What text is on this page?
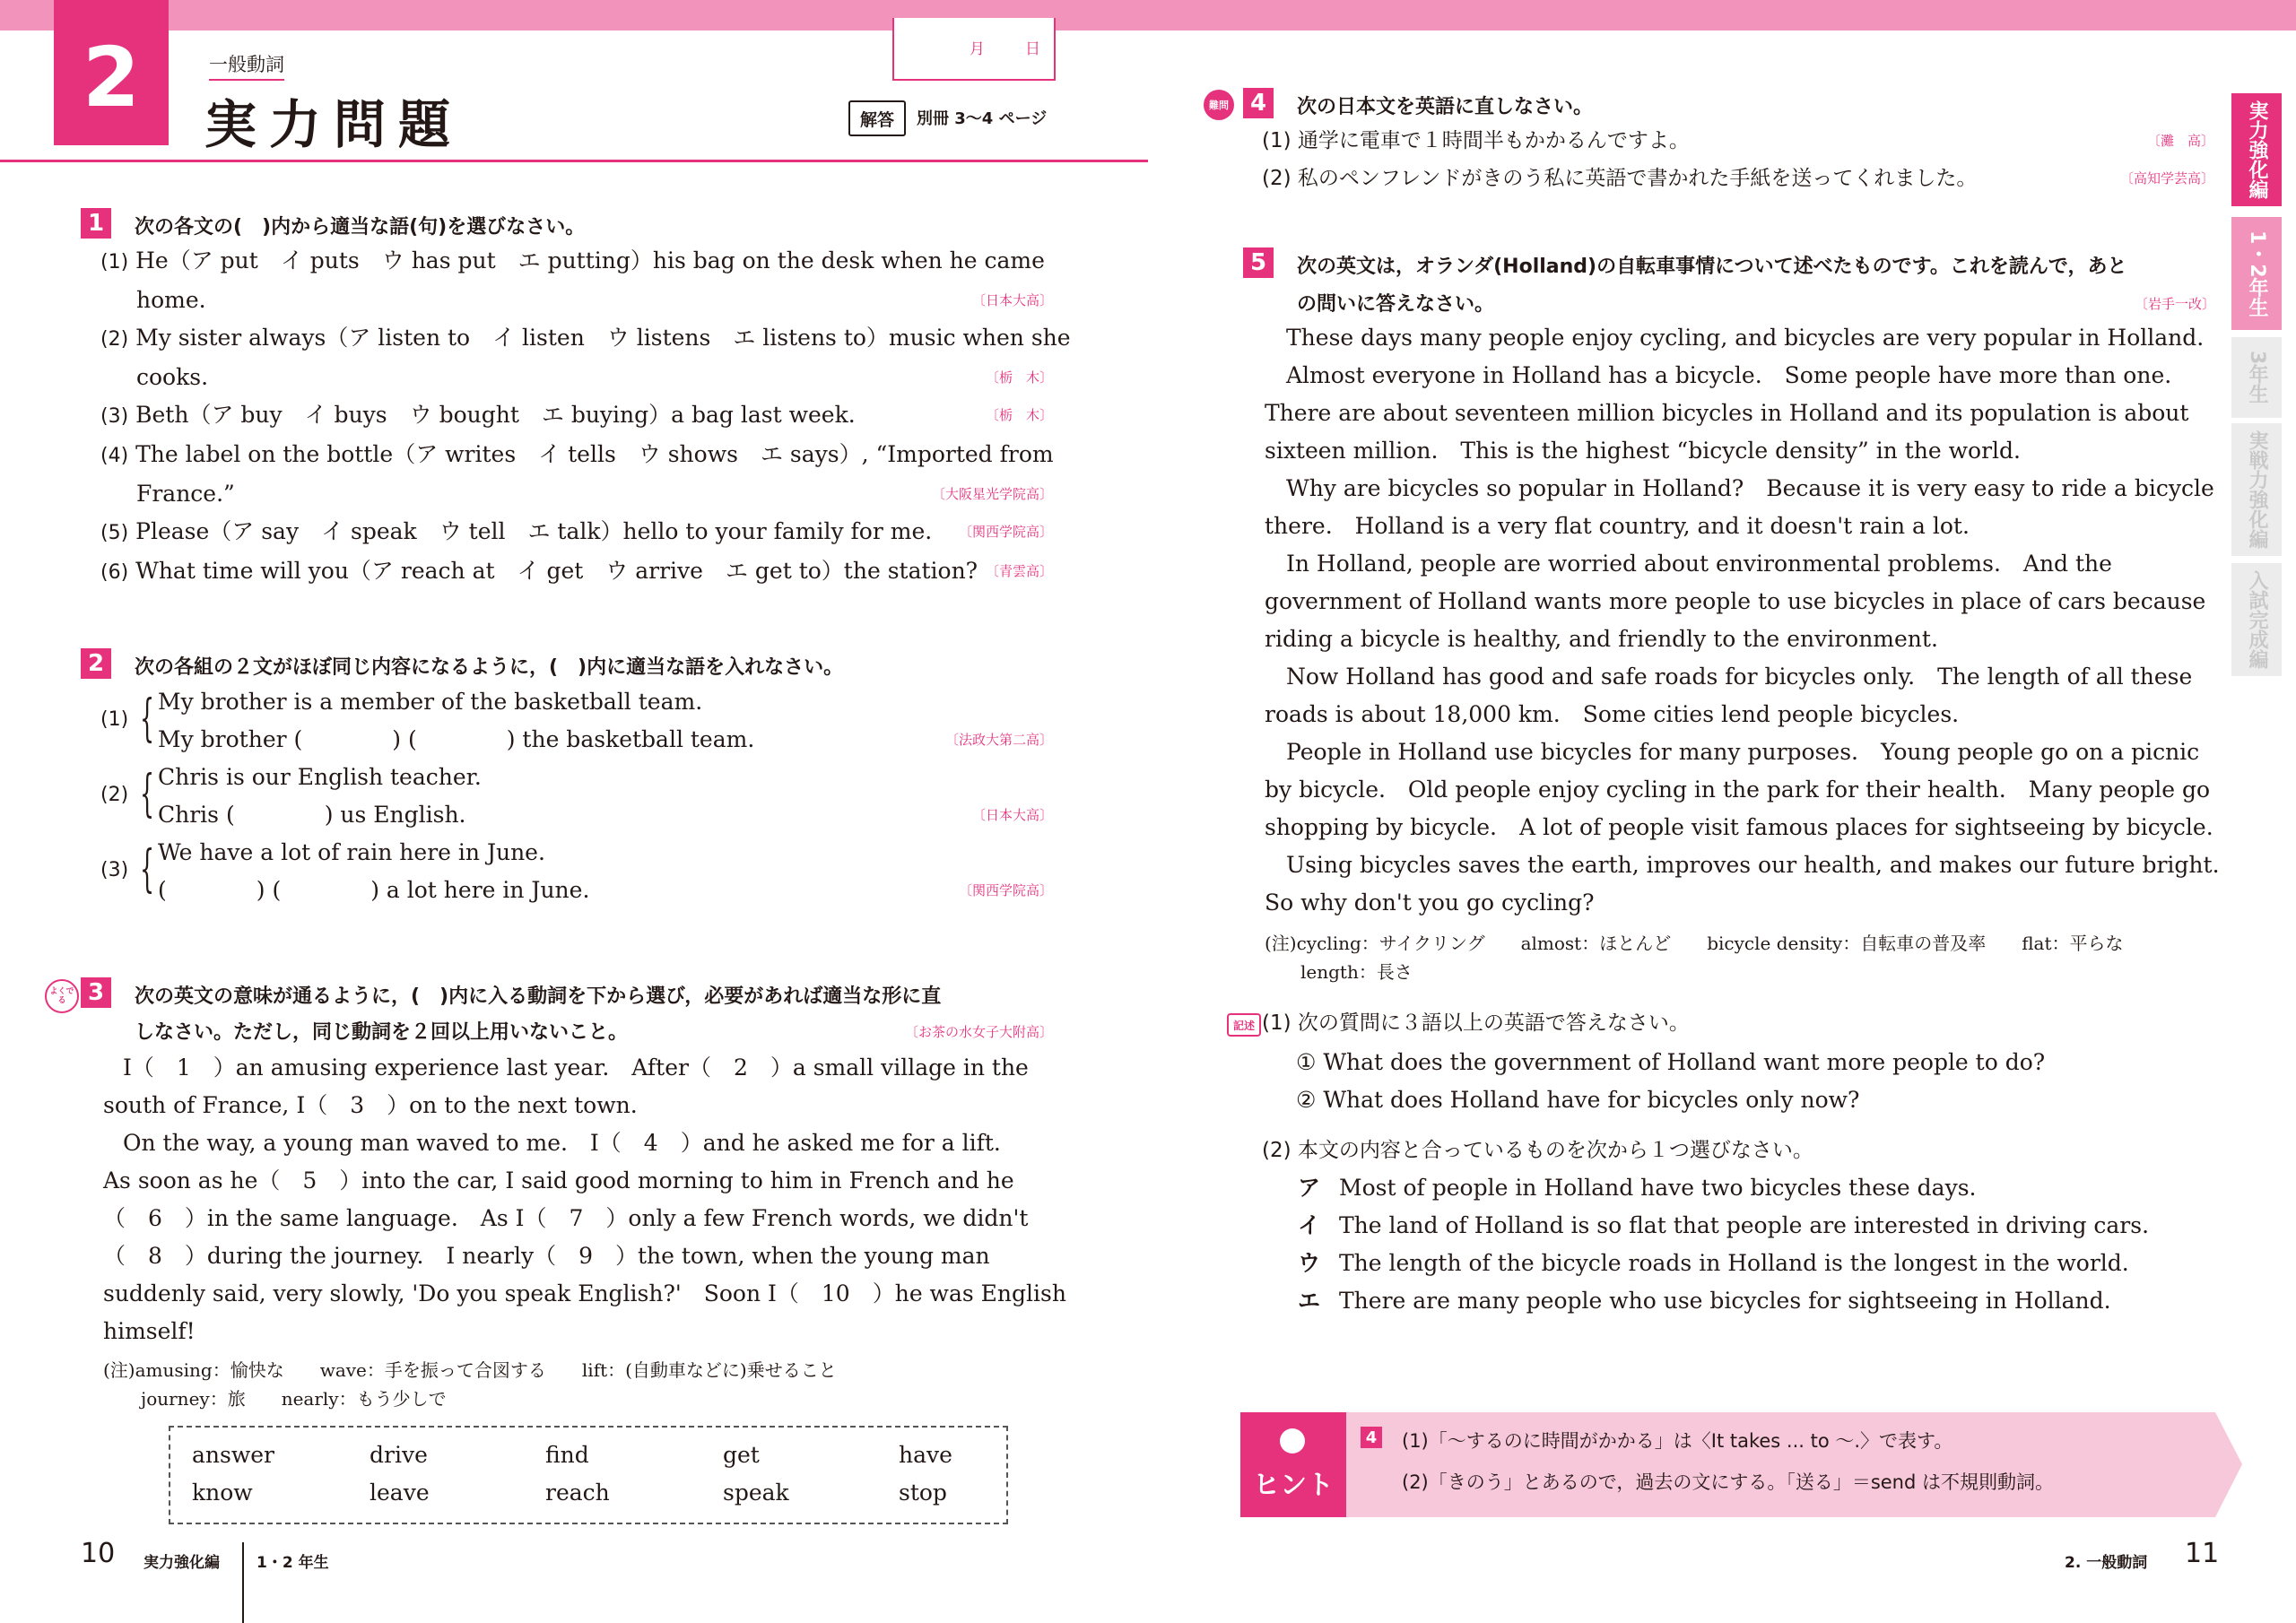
2	一般動詞
実力問題
月	日
解答 別冊 3～4 ページ
1	次の各文の(　)内から適当な語(句)を選びなさい。
(1) He（ア put　イ puts　ウ has put　エ putting）his bag on the desk when he came
home.	〔日本大高〕
(2) My sister always（ア listen to　イ listen　ウ listens　エ listens to）music when she
cooks.	〔栃　木〕
(3) Beth（ア buy　イ buys　ウ bought　エ buying）a bag last week.	〔栃　木〕
(4) The label on the bottle（ア writes　イ tells　ウ shows　エ says）, “Imported from
France.”	〔大阪星光学院高〕
(5) Please（ア say　イ speak　ウ tell　エ talk）hello to your family for me. 〔関西学院高〕
(6) What time will you（ア reach at　イ get　ウ arrive　エ get to）the station? 〔青雲高〕
2	次の各組の２文がほぼ同じ内容になるように，(　)内に適当な語を入れなさい。
(1) { My brother is a member of the basketball team.
My brother (　　　　) (　　　　) the basketball team.	〔法政大第二高〕
(2) { Chris is our English teacher.
Chris (　　　　) us English.	〔日本大高〕
(3) { We have a lot of rain here in June.
(　　　　) (　　　　) a lot here in June.	〔関西学院高〕
よくでる 3	次の英文の意味が通るように，(　)内に入る動詞を下から選び，必要があれば適当な形に直
しなさい。ただし，同じ動詞を２回以上用いないこと。	〔お茶の水女子大附高〕
I（　1　）an amusing experience last year.　After（　2　）a small village in the
south of France, I（　3　）on to the next town.
On the way, a young man waved to me.　I（　4　）and he asked me for a lift.
As soon as he（　5　）into the car, I said good morning to him in French and he
（　6　）in the same language.　As I（　7　）only a few French words, we didn't
（　8　）during the journey.　I nearly（　9　）the town, when the young man
suddenly said, very slowly, 'Do you speak English?'　Soon I（　10　）he was English
himself!
(注)amusing：愉快な　　wave：手を振って合図する　　lift：(自動車などに)乗せること
journey：旅　　nearly：もう少しで
answer	drive	find	get	have
know	leave	reach	speak	stop
10 実力強化編 1・2 年生
難問 4	次の日本文を英語に直しなさい。
(1) 通学に電車で１時間半もかかるんですよ。	〔灘　高〕
(2) 私のペンフレンドがきのう私に英語で書かれた手紙を送ってくれました。	〔高知学芸高〕
5	次の英文は，オランダ(Holland)の自転車事情について述べたものです。これを読んで，あと
の問いに答えなさい。	〔岩手一改〕
These days many people enjoy cycling, and bicycles are very popular in Holland.
Almost everyone in Holland has a bicycle.　Some people have more than one.
There are about seventeen million bicycles in Holland and its population is about
sixteen million.　This is the highest “bicycle density” in the world.
Why are bicycles so popular in Holland?　Because it is very easy to ride a bicycle
there.　Holland is a very flat country, and it doesn't rain a lot.
In Holland, people are worried about environmental problems.　And the
government of Holland wants more people to use bicycles in place of cars because
riding a bicycle is healthy, and friendly to the environment.
Now Holland has good and safe roads for bicycles only.　The length of all these
roads is about 18,000 km.　Some cities lend people bicycles.
People in Holland use bicycles for many purposes.　Young people go on a picnic
by bicycle.　Old people enjoy cycling in the park for their health.　Many people go
shopping by bicycle.　A lot of people visit famous places for sightseeing by bicycle.
Using bicycles saves the earth, improves our health, and makes our future bright.
So why don't you go cycling?
(注)cycling：サイクリング　　almost：ほとんど　　bicycle density：自転車の普及率　　flat：平らな
length：長さ
記述 (1) 次の質問に３語以上の英語で答えなさい。
① What does the government of Holland want more people to do?
② What does Holland have for bicycles only now?
(2) 本文の内容と合っているものを次から１つ選びなさい。
ア Most of people in Holland have two bicycles these days.
イ The land of Holland is so flat that people are interested in driving cars.
ウ The length of the bicycle roads in Holland is the longest in the world.
エ There are many people who use bicycles for sightseeing in Holland.
ヒント
4 (1)「〜するのに時間がかかる」は〈It takes ... to 〜.〉で表す。
(2)「きのう」とあるので，過去の文にする。「送る」＝send は不規則動詞。
実力強化編
1・2年生
3年生
実戦力強化編
入試完成編
2. 一般動詞 11
